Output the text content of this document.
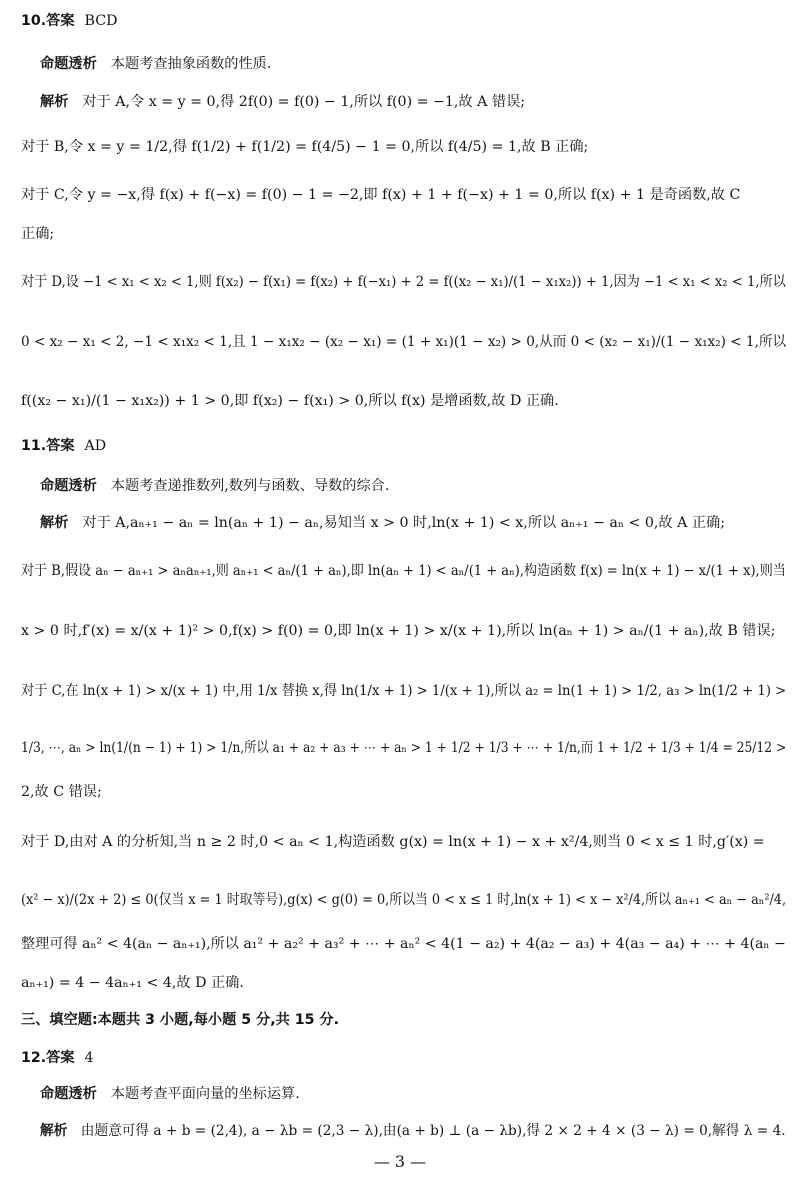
10.答案 BCD
命题透析 本题考查抽象函数的性质.
解析 对于 A,令 x = y = 0,得 2f(0) = f(0) − 1,所以 f(0) = −1,故 A 错误;
对于 B,令 x = y = 1/2,得 f(1/2) + f(1/2) = f(4/5) − 1 = 0,所以 f(4/5) = 1,故 B 正确;
对于 C,令 y = −x,得 f(x) + f(−x) = f(0) − 1 = −2,即 f(x) + 1 + f(−x) + 1 = 0,所以 f(x) + 1 是奇函数,故 C
正确;
对于 D,设 −1 < x₁ < x₂ < 1,则 f(x₂) − f(x₁) = f(x₂) + f(−x₁) + 2 = f((x₂ − x₁)/(1 − x₁x₂)) + 1,因为 −1 < x₁ < x₂ < 1,所以
0 < x₂ − x₁ < 2, −1 < x₁x₂ < 1,且 1 − x₁x₂ − (x₂ − x₁) = (1 + x₁)(1 − x₂) > 0,从而 0 < (x₂ − x₁)/(1 − x₁x₂) < 1,所以
f((x₂ − x₁)/(1 − x₁x₂)) + 1 > 0,即 f(x₂) − f(x₁) > 0,所以 f(x) 是增函数,故 D 正确.
11.答案 AD
命题透析 本题考查递推数列,数列与函数、导数的综合.
解析 对于 A,aₙ₊₁ − aₙ = ln(aₙ + 1) − aₙ,易知当 x > 0 时,ln(x + 1) < x,所以 aₙ₊₁ − aₙ < 0,故 A 正确;
对于 B,假设 aₙ − aₙ₊₁ > aₙaₙ₊₁,则 aₙ₊₁ < aₙ/(1 + aₙ),即 ln(aₙ + 1) < aₙ/(1 + aₙ),构造函数 f(x) = ln(x + 1) − x/(1 + x),则当
x > 0 时,f′(x) = x/(x + 1)² > 0,f(x) > f(0) = 0,即 ln(x + 1) > x/(x + 1),所以 ln(aₙ + 1) > aₙ/(1 + aₙ),故 B 错误;
对于 C,在 ln(x + 1) > x/(x + 1) 中,用 1/x 替换 x,得 ln(1/x + 1) > 1/(x + 1),所以 a₂ = ln(1 + 1) > 1/2, a₃ > ln(1/2 + 1) >
1/3, ⋯, aₙ > ln(1/(n − 1) + 1) > 1/n,所以 a₁ + a₂ + a₃ + ⋯ + aₙ > 1 + 1/2 + 1/3 + ⋯ + 1/n,而 1 + 1/2 + 1/3 + 1/4 = 25/12 >
2,故 C 错误;
对于 D,由对 A 的分析知,当 n ≥ 2 时,0 < aₙ < 1,构造函数 g(x) = ln(x + 1) − x + x²/4,则当 0 < x ≤ 1 时,g′(x) =
(x² − x)/(2x + 2) ≤ 0(仅当 x = 1 时取等号),g(x) < g(0) = 0,所以当 0 < x ≤ 1 时,ln(x + 1) < x − x²/4,所以 aₙ₊₁ < aₙ − aₙ²/4,
整理可得 aₙ² < 4(aₙ − aₙ₊₁),所以 a₁² + a₂² + a₃² + ⋯ + aₙ² < 4(1 − a₂) + 4(a₂ − a₃) + 4(a₃ − a₄) + ⋯ + 4(aₙ −
aₙ₊₁) = 4 − 4aₙ₊₁ < 4,故 D 正确.
三、填空题:本题共 3 小题,每小题 5 分,共 15 分.
12.答案 4
命题透析 本题考查平面向量的坐标运算.
解析 由题意可得 a + b = (2,4), a − λb = (2,3 − λ),由(a + b) ⊥ (a − λb),得 2 × 2 + 4 × (3 − λ) = 0,解得 λ = 4.
— 3 —
